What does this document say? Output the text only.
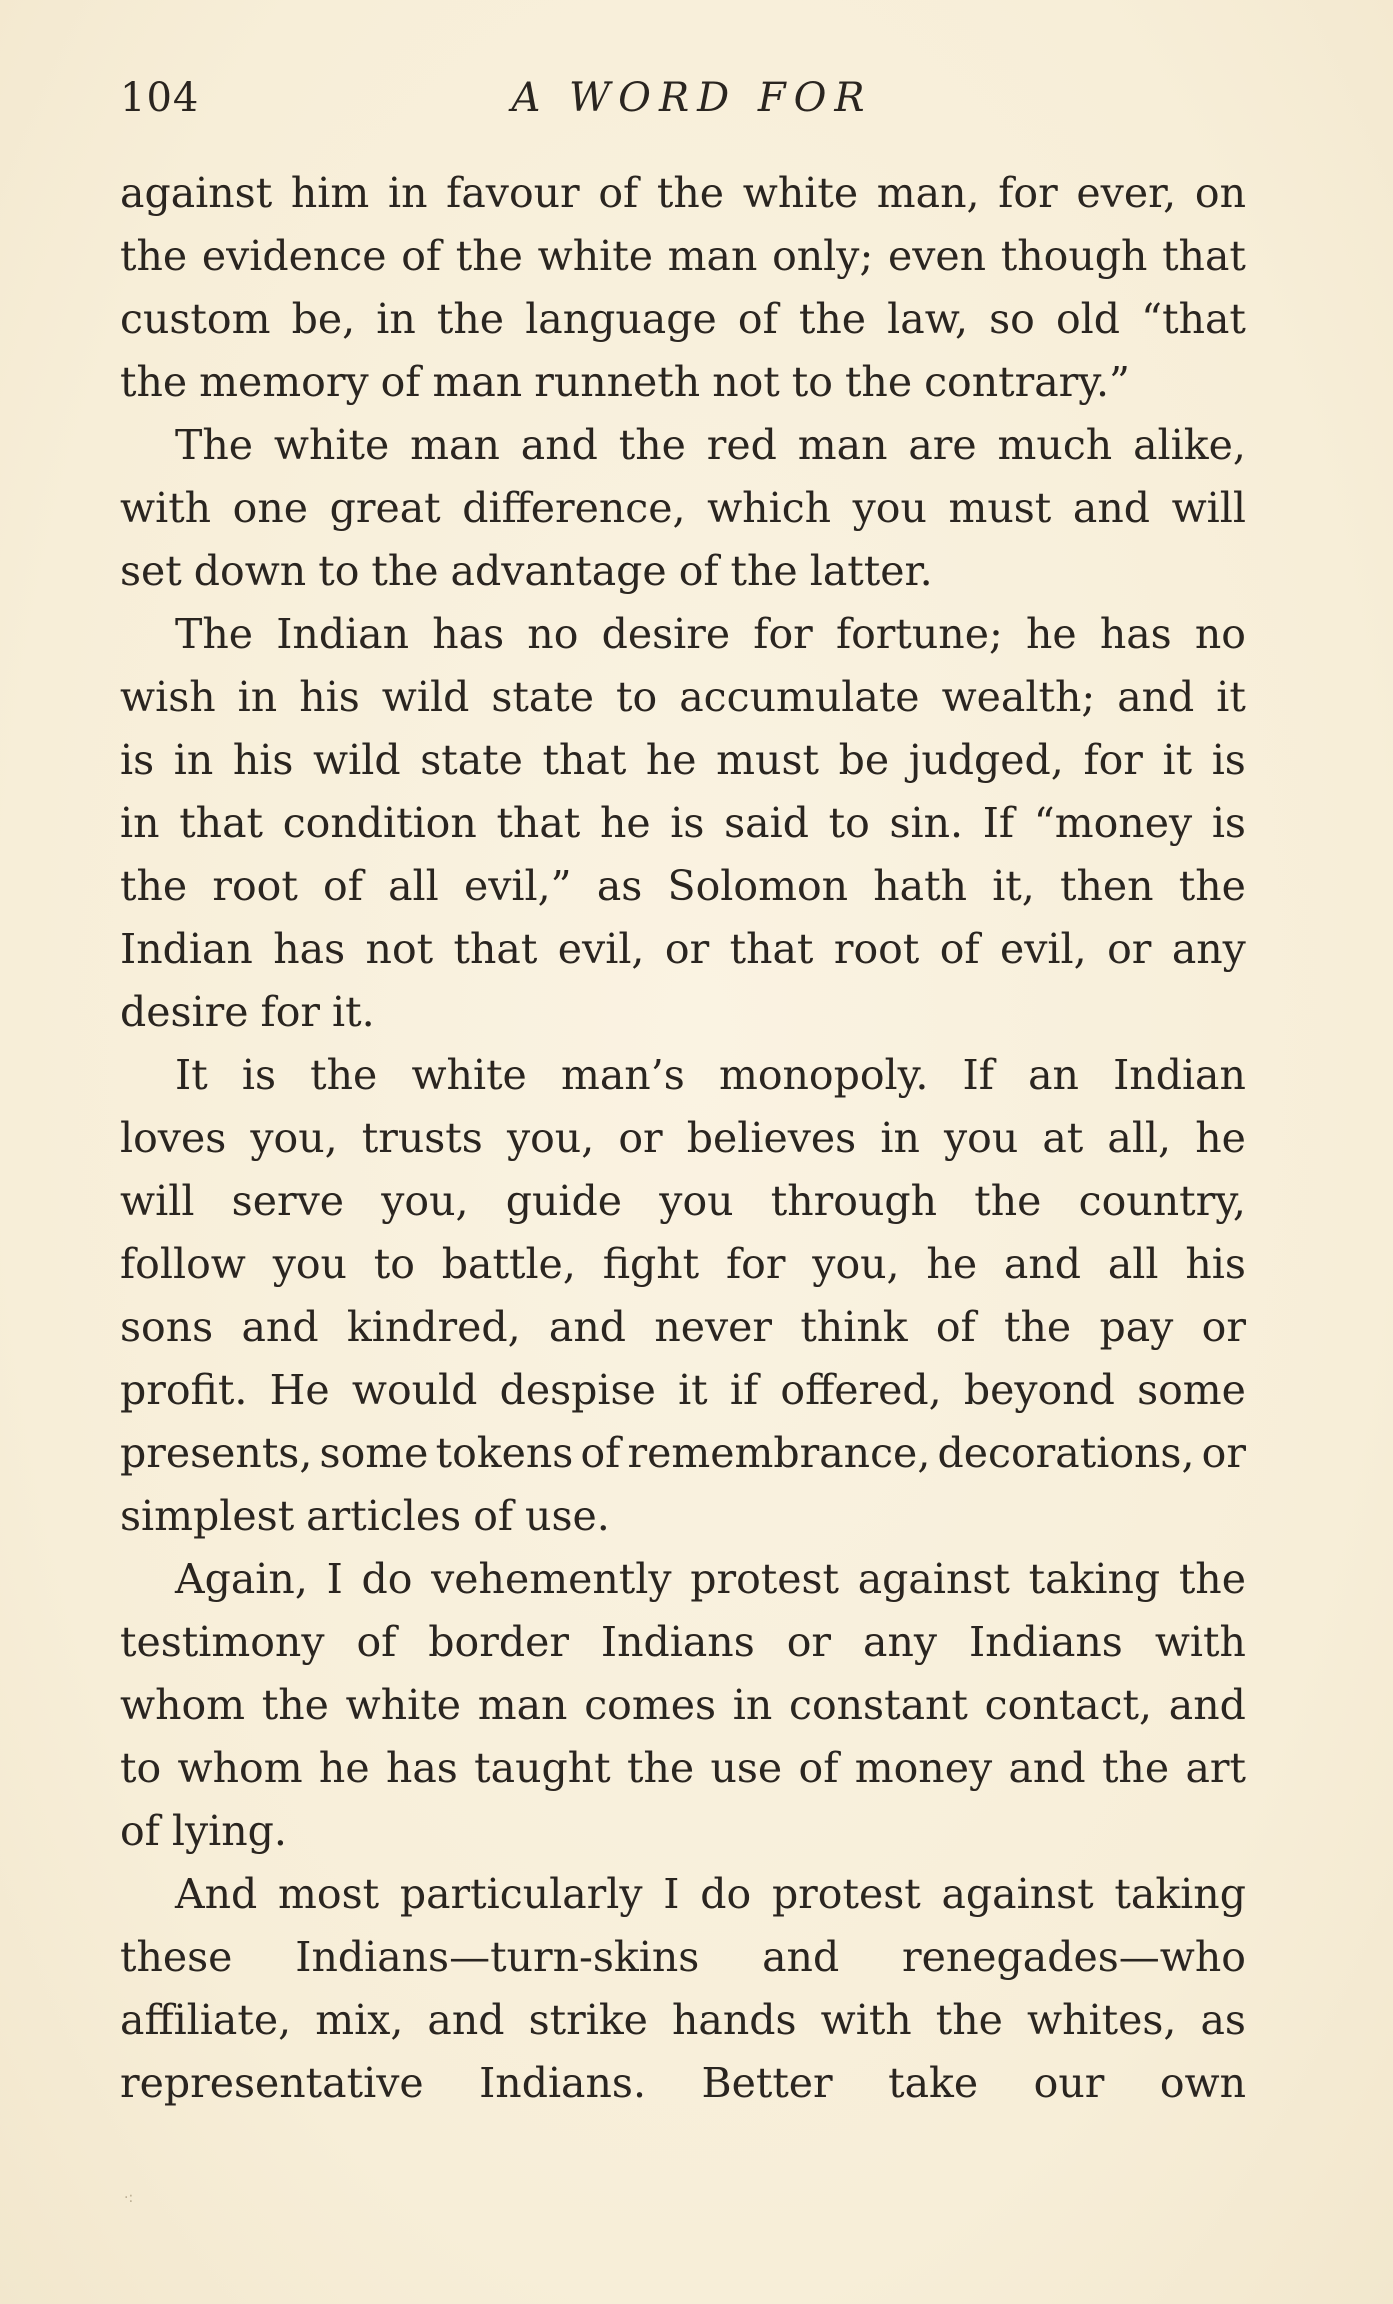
104	A WORD FOR
against him in favour of the white man, for ever, on
the evidence of the white man only; even though that
custom be, in the language of the law, so old “that
the memory of man runneth not to the contrary.”
The white man and the red man are much alike,
with one great difference, which you must and will
set down to the advantage of the latter.
The Indian has no desire for fortune; he has no
wish in his wild state to accumulate wealth; and it
is in his wild state that he must be judged, for it is
in that condition that he is said to sin. If “money is
the root of all evil,” as Solomon hath it, then the
Indian has not that evil, or that root of evil, or any
desire for it.
It is the white man’s monopoly. If an Indian
loves you, trusts you, or believes in you at all, he
will serve you, guide you through the country,
follow you to battle, fight for you, he and all his
sons and kindred, and never think of the pay or
profit. He would despise it if offered, beyond some
presents, some tokens of remembrance, decorations, or
simplest articles of use.
Again, I do vehemently protest against taking the
testimony of border Indians or any Indians with
whom the white man comes in constant contact, and
to whom he has taught the use of money and the art
of lying.
And most particularly I do protest against taking
these Indians—turn-skins and renegades—who
affiliate, mix, and strike hands with the whites, as
representative Indians. Better take our own
·:
